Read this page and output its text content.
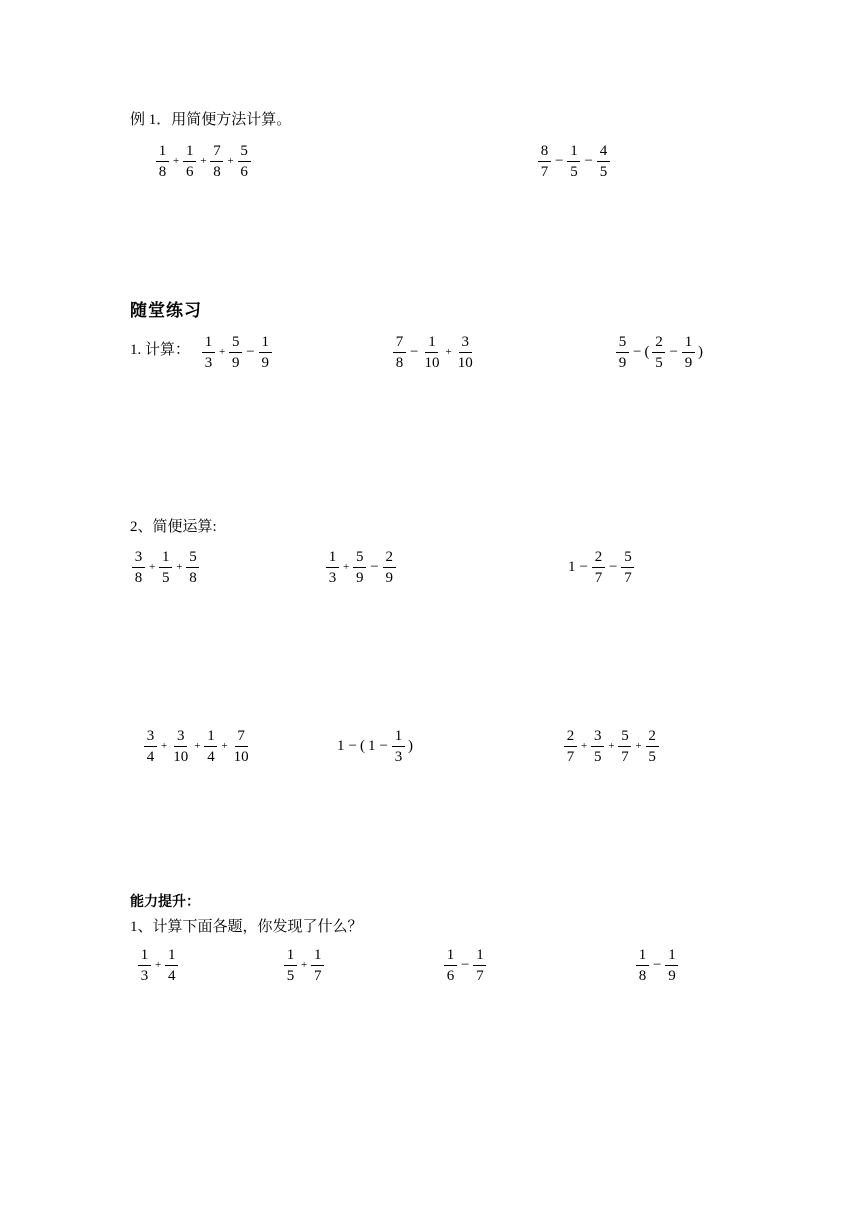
例 1．用简便方法计算。
$\frac{1}{8} + \frac{1}{6} + \frac{7}{8} + \frac{5}{6}$	$\frac{8}{7} - \frac{1}{5} - \frac{4}{5}$
随堂练习
1. 计算： $\frac{1}{3} + \frac{5}{9} - \frac{1}{9}$	$\frac{7}{8} - \frac{1}{10} + \frac{3}{10}$	$\frac{5}{9}$ − ( $\frac{2}{5} - \frac{1}{9}$ )
2、简便运算:
$\frac{3}{8} + \frac{1}{5} + \frac{5}{8}$	$\frac{1}{3} + \frac{5}{9} - \frac{2}{9}$	$1 - \frac{2}{7} - \frac{5}{7}$
$\frac{3}{4} + \frac{3}{10} + \frac{1}{4} + \frac{7}{10}$	1 − ( $1 - \frac{1}{3}$ )	$\frac{2}{7} + \frac{3}{5} + \frac{5}{7} + \frac{2}{5}$
能力提升：
1、计算下面各题，你发现了什么？
$\frac{1}{3} + \frac{1}{4}$	$\frac{1}{5} + \frac{1}{7}$	$\frac{1}{6} - \frac{1}{7}$	$\frac{1}{8} - \frac{1}{9}$
